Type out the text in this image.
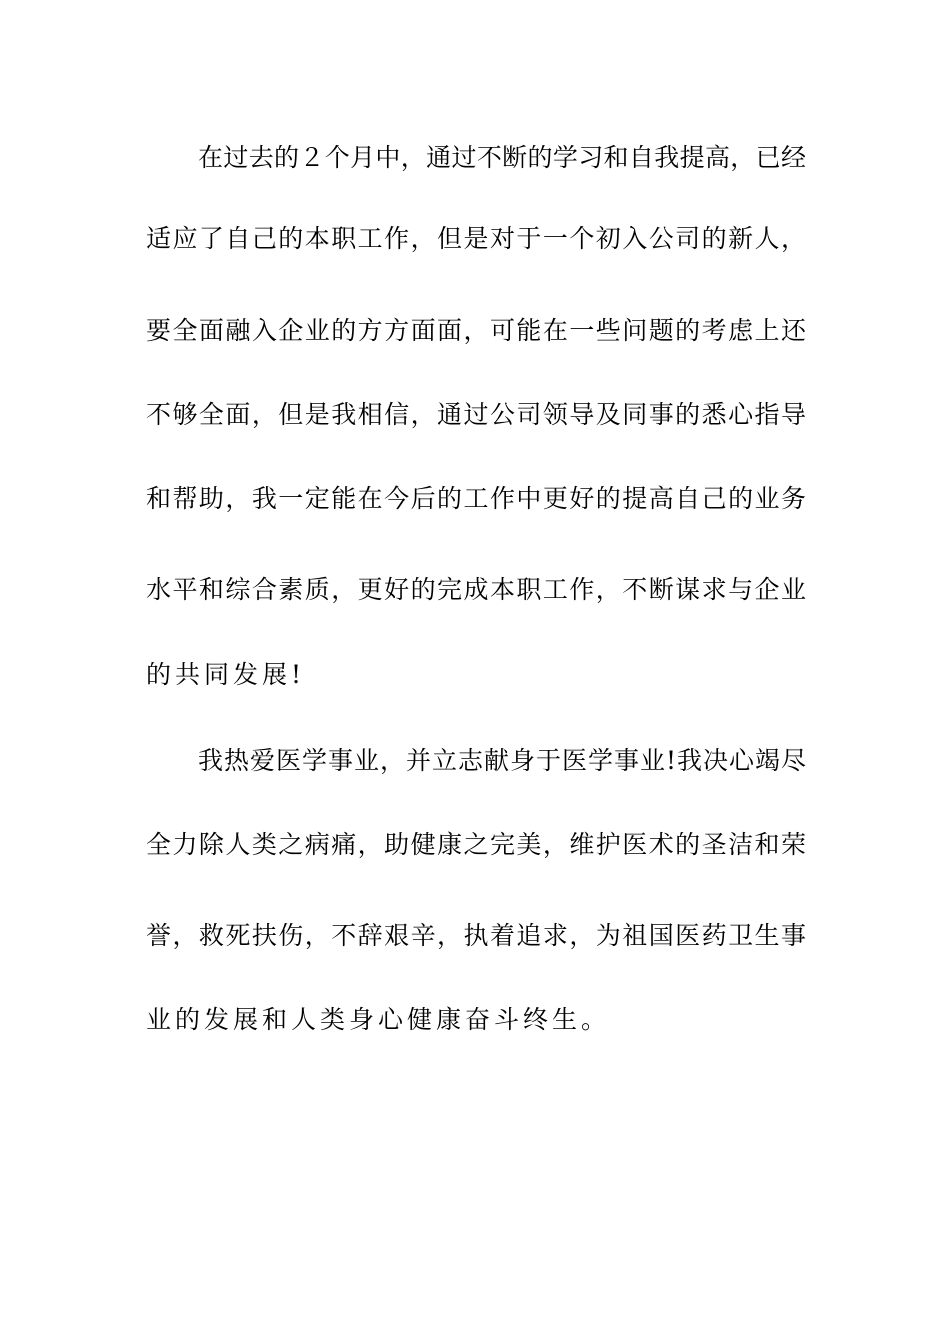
在过去的２个月中，通过不断的学习和自我提高，已经
适应了自己的本职工作，但是对于一个初入公司的新人，
要全面融入企业的方方面面，可能在一些问题的考虑上还
不够全面，但是我相信，通过公司领导及同事的悉心指导
和帮助，我一定能在今后的工作中更好的提高自己的业务
水平和综合素质，更好的完成本职工作，不断谋求与企业
的共同发展!
我热爱医学事业，并立志献身于医学事业!我决心竭尽
全力除人类之病痛，助健康之完美，维护医术的圣洁和荣
誉，救死扶伤，不辞艰辛，执着追求，为祖国医药卫生事
业的发展和人类身心健康奋斗终生。
